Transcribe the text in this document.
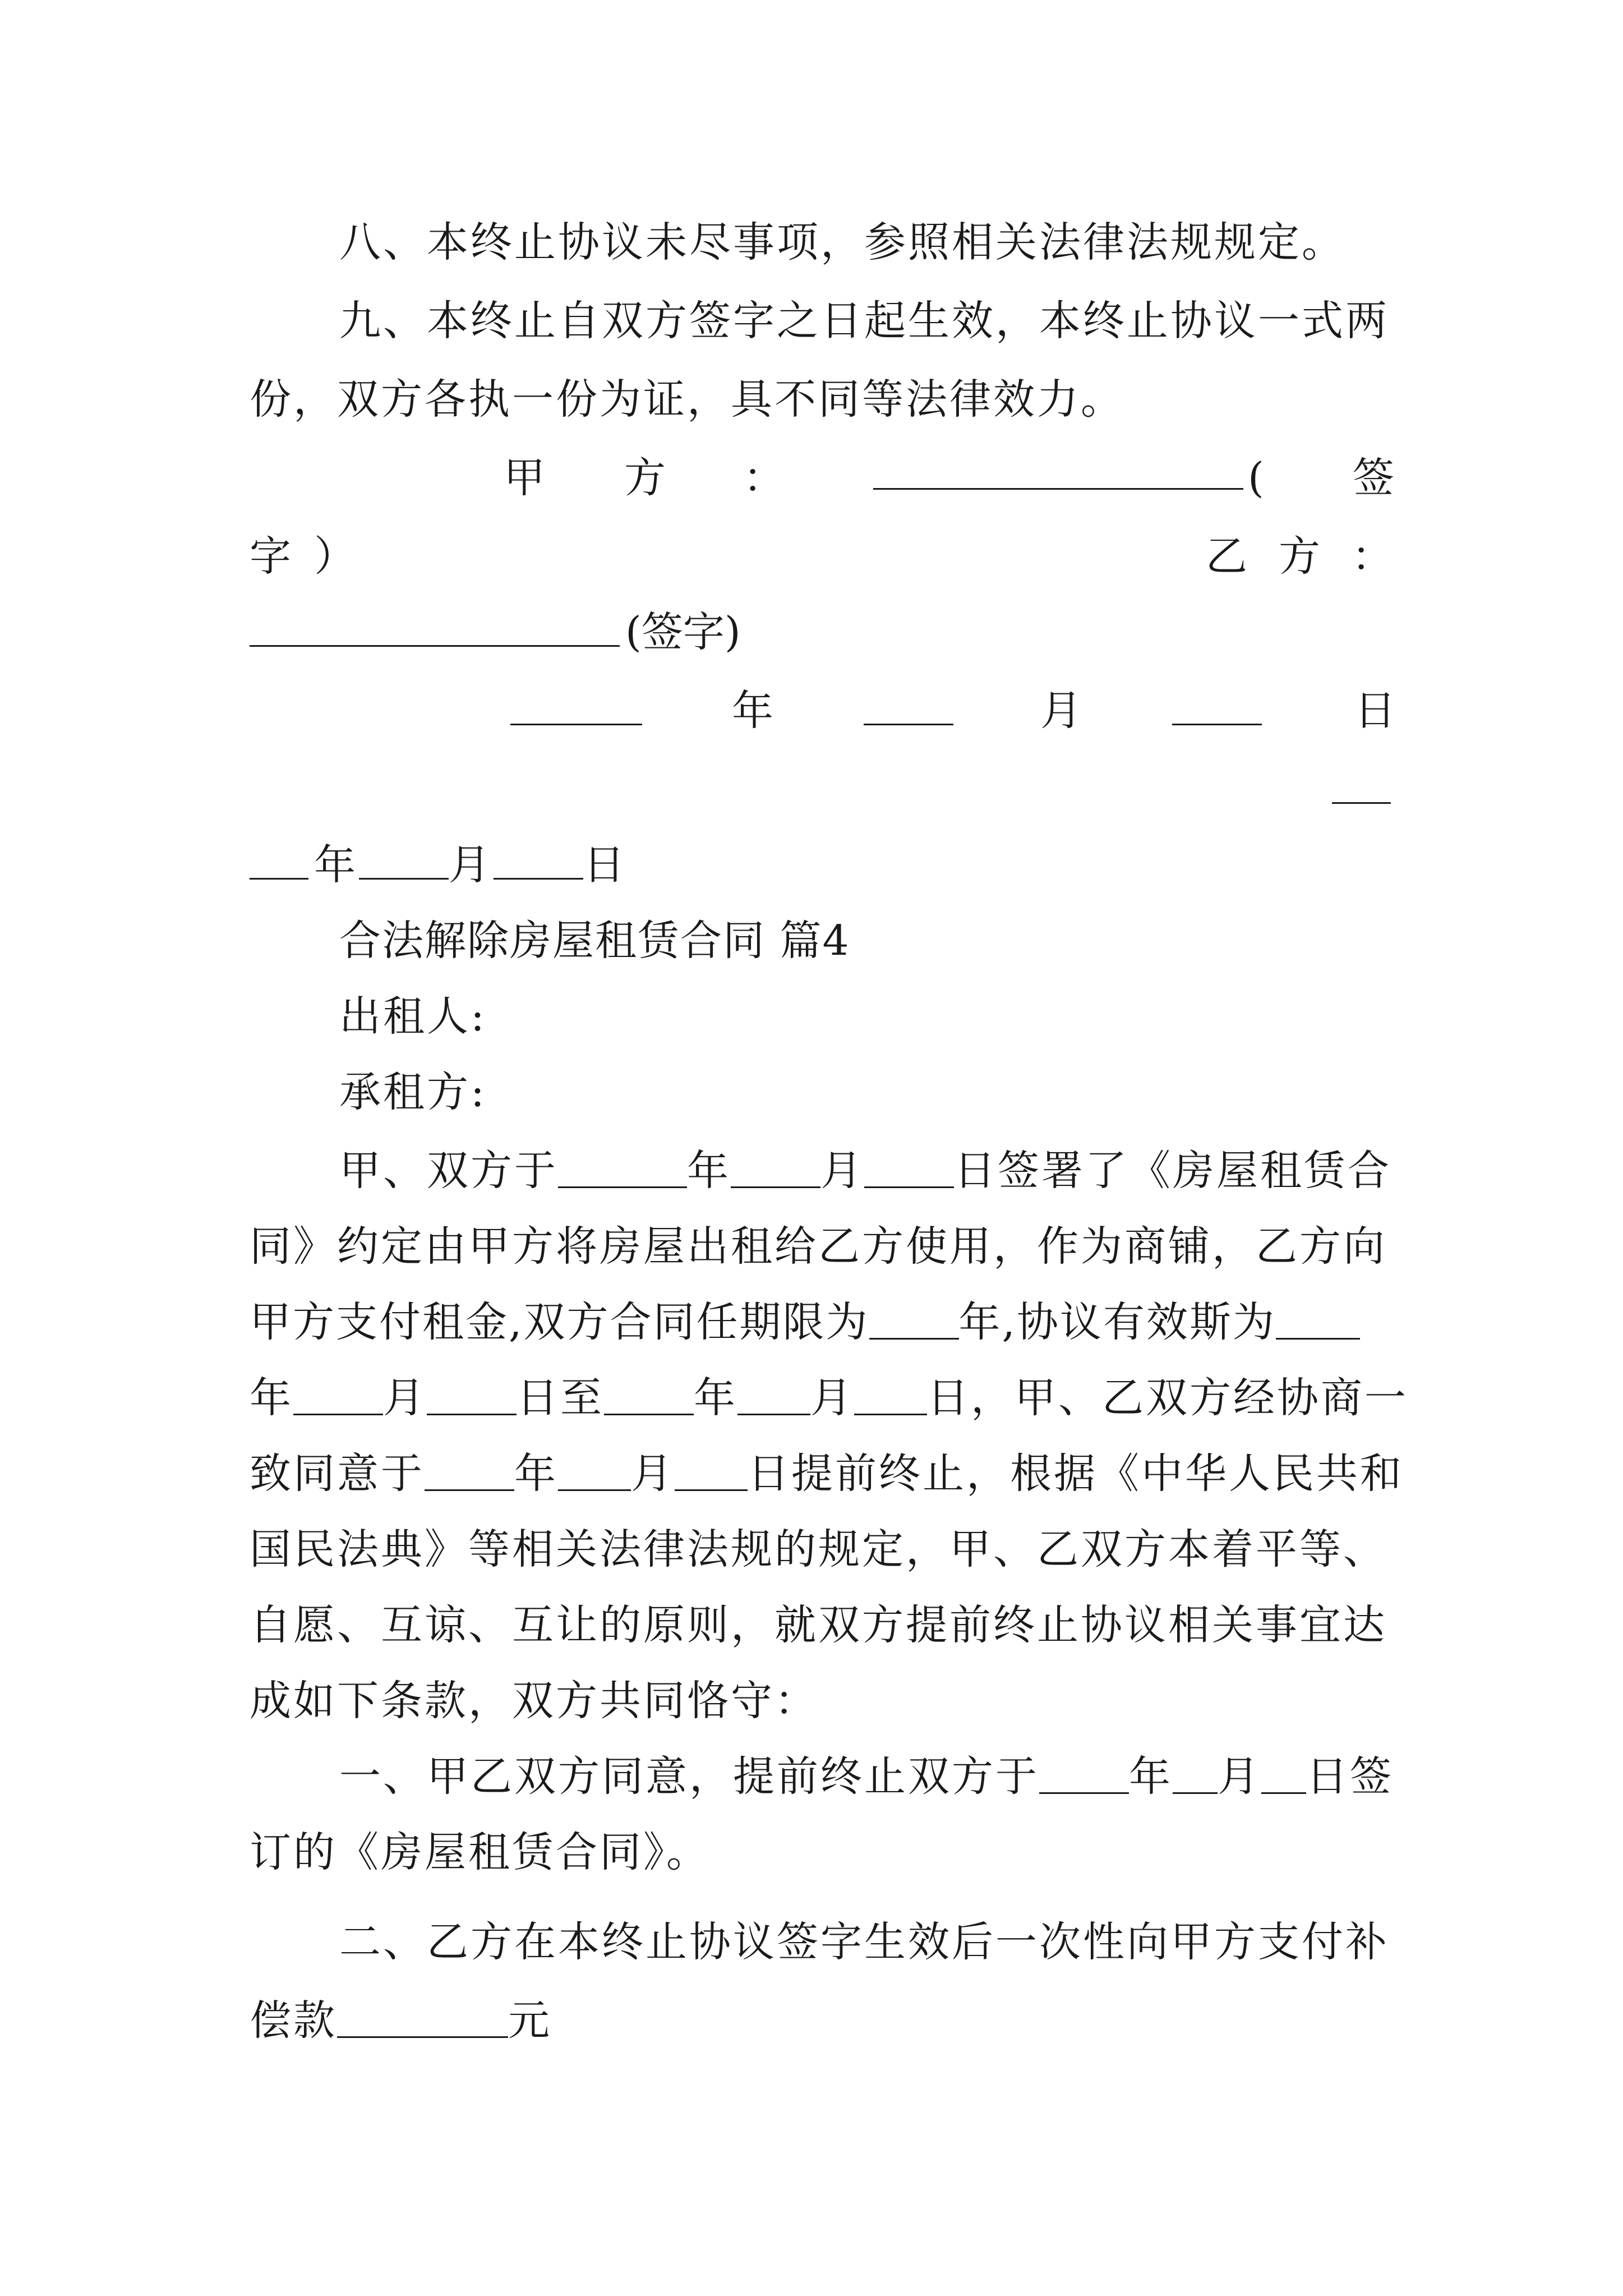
八、本终止协议未尽事项，参照相关法律法规规定。
九、本终止自双方签字之日起生效，本终止协议一式两
份，双方各执一份为证，具不同等法律效力。
甲 方 ：	( 签
字 ）	乙 方 ：
(签字)
年	月	日
年 月 日
合法解除房屋租赁合同 篇4
出租人:
承租方:
甲、双方于	年 月 日签署了《房屋租赁合
同》约定由甲方将房屋出租给乙方使用，作为商铺，乙方向
甲方支付租金,双方合同任期限为 年,协议有效斯为
年 月 日至 年 月 日，甲、乙双方经协商一
致同意于 年 月 日提前终止，根据《中华人民共和
国民法典》等相关法律法规的规定，甲、乙双方本着平等、
自愿、互谅、互让的原则，就双方提前终止协议相关事宜达
成如下条款，双方共同恪守：
一、甲乙双方同意，提前终止双方于 年 月 日签
订的《房屋租赁合同》。
二、乙方在本终止协议签字生效后一次性向甲方支付补
偿款	元
